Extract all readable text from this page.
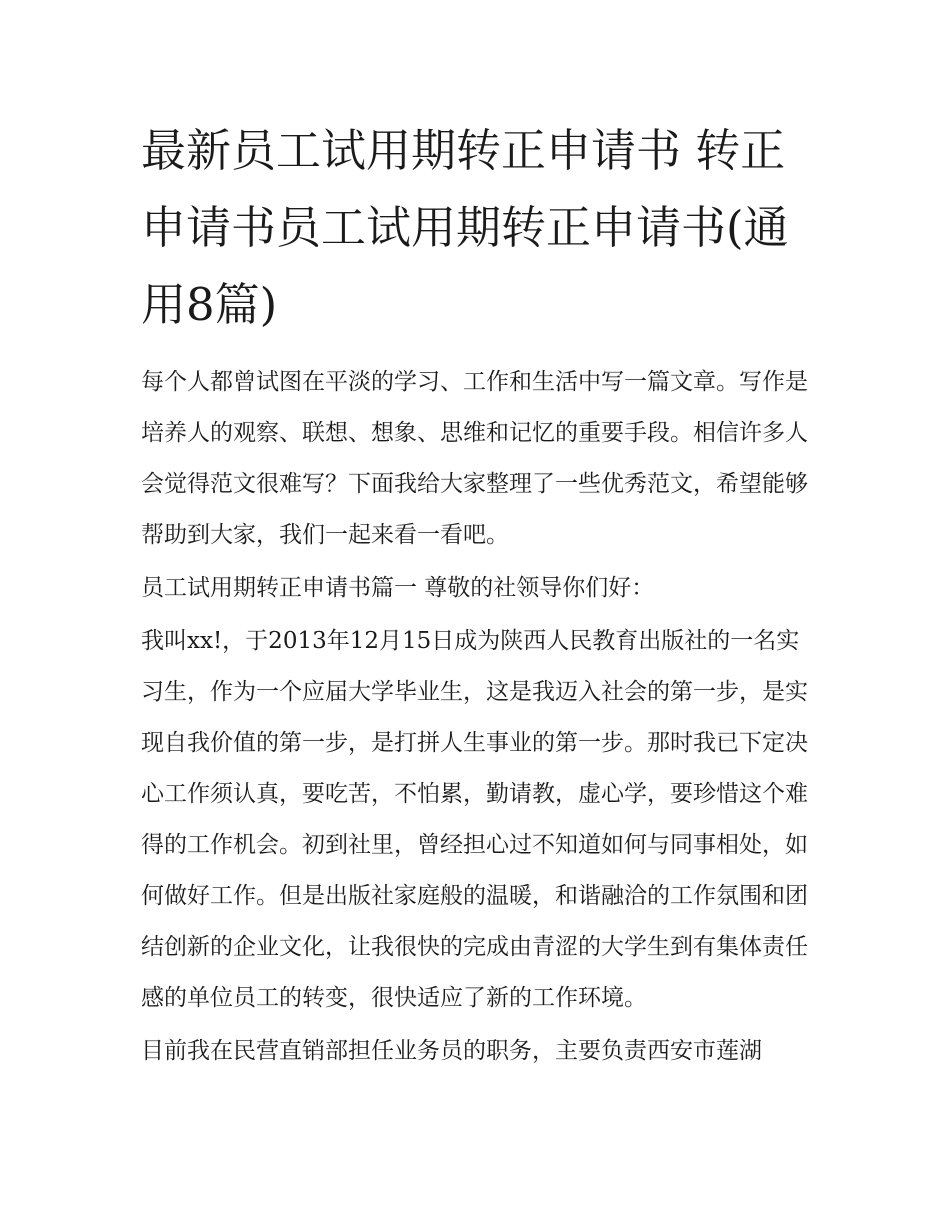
最新员工试用期转正申请书 转正申请书员工试用期转正申请书(通用8篇)

每个人都曾试图在平淡的学习、工作和生活中写一篇文章。写作是培养人的观察、联想、想象、思维和记忆的重要手段。相信许多人会觉得范文很难写？下面我给大家整理了一些优秀范文，希望能够帮助到大家，我们一起来看一看吧。

员工试用期转正申请书篇一 尊敬的社领导你们好：

我叫xx!，于2013年12月15日成为陕西人民教育出版社的一名实习生，作为一个应届大学毕业生，这是我迈入社会的第一步，是实现自我价值的第一步，是打拼人生事业的第一步。那时我已下定决心工作须认真，要吃苦，不怕累，勤请教，虚心学，要珍惜这个难得的工作机会。初到社里，曾经担心过不知道如何与同事相处，如何做好工作。但是出版社家庭般的温暖，和谐融洽的工作氛围和团结创新的企业文化，让我很快的完成由青涩的大学生到有集体责任感的单位员工的转变，很快适应了新的工作环境。

目前我在民营直销部担任业务员的职务，主要负责西安市莲湖
